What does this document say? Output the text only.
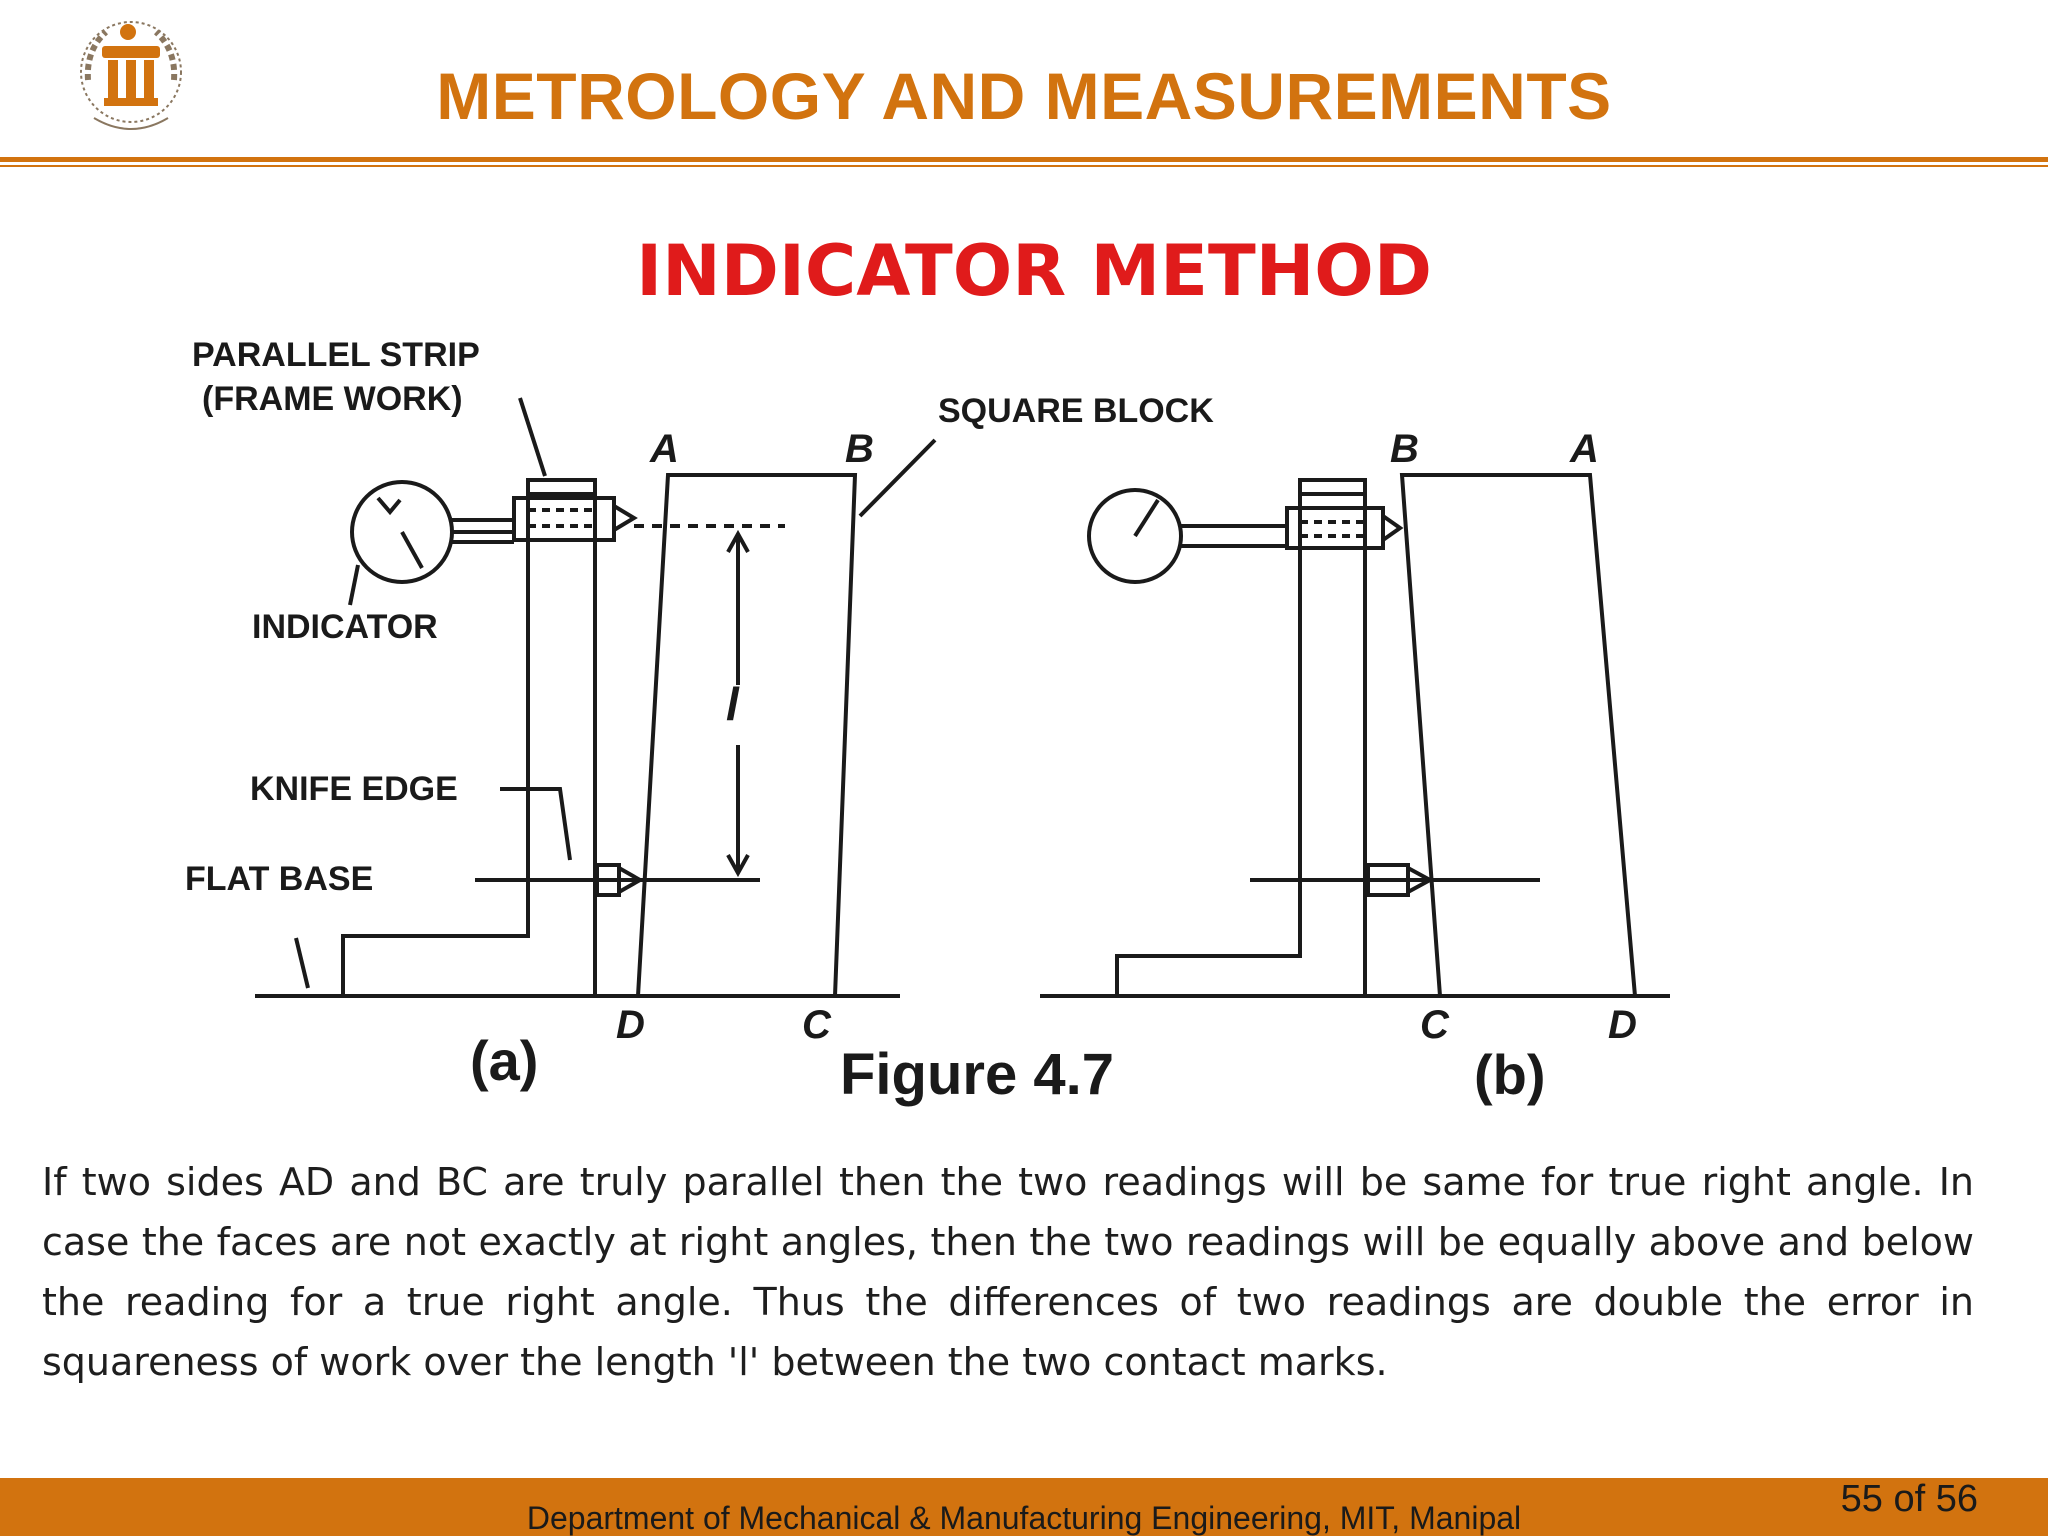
METROLOGY AND MEASUREMENTS
INDICATOR METHOD
PARALLEL STRIP
(FRAME WORK)	SQUARE BLOCK
INDICATOR
KNIFE EDGE
FLAT BASE
l
A	B
D	C
B	A
C	D
(a)	Figure 4.7	(b)
If two sides AD and BC are truly parallel then the two readings will be same for true right angle. In case the faces are not exactly at right angles, then the two readings will be equally above and below the reading for a true right angle. Thus the differences of two readings are double the error in squareness of work over the length 'l' between the two contact marks.
Department of Mechanical & Manufacturing Engineering, MIT, Manipal	55 of 56
